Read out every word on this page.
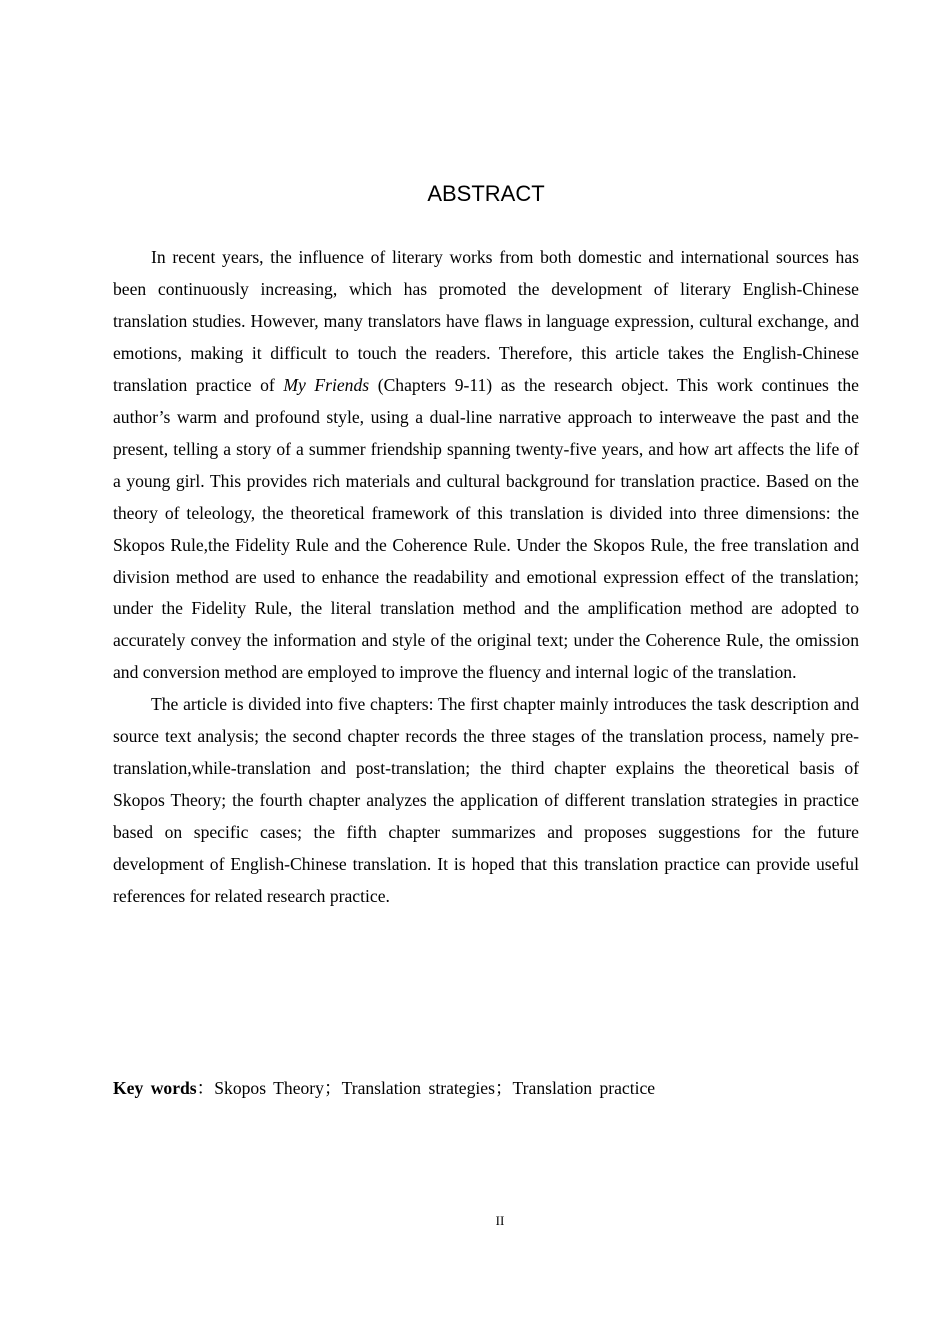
ABSTRACT

In recent years, the influence of literary works from both domestic and international sources has been continuously increasing, which has promoted the development of literary English-Chinese translation studies. However, many translators have flaws in language expression, cultural exchange, and emotions, making it difficult to touch the readers. Therefore, this article takes the English-Chinese translation practice of My Friends (Chapters 9-11) as the research object. This work continues the author’s warm and profound style, using a dual-line narrative approach to interweave the past and the present, telling a story of a summer friendship spanning twenty-five years, and how art affects the life of a young girl. This provides rich materials and cultural background for translation practice. Based on the theory of teleology, the theoretical framework of this translation is divided into three dimensions: the Skopos Rule,the Fidelity Rule and the Coherence Rule. Under the Skopos Rule, the free translation and division method are used to enhance the readability and emotional expression effect of the translation; under the Fidelity Rule, the literal translation method and the amplification method are adopted to accurately convey the information and style of the original text; under the Coherence Rule, the omission and conversion method are employed to improve the fluency and internal logic of the translation.

The article is divided into five chapters: The first chapter mainly introduces the task description and source text analysis; the second chapter records the three stages of the translation process, namely pre-translation,while-translation and post-translation; the third chapter explains the theoretical basis of Skopos Theory; the fourth chapter analyzes the application of different translation strategies in practice based on specific cases; the fifth chapter summarizes and proposes suggestions for the future development of English-Chinese translation. It is hoped that this translation practice can provide useful references for related research practice.

Key words：Skopos Theory；Translation strategies；Translation practice
II
